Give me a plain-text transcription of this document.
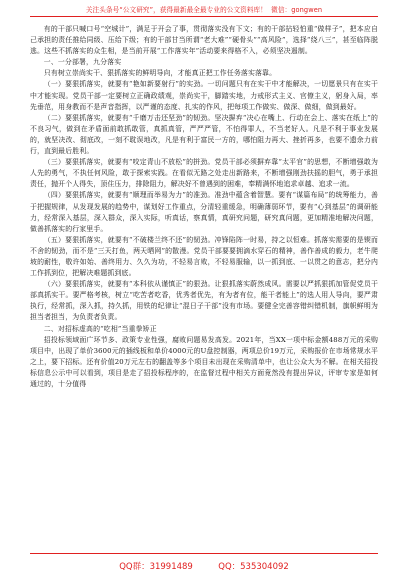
关注头条号“公文研究”，获得最新最全最专业的公文资料库！ 微信：gongwen

有的干部只喊口号“空城计”，满足于开会了事，贯彻落实没有下文；有的干部拈轻怕重“做样子”，把本应自己承担的责任推给同级、压给下级；有的干部甘当所谓“老大难”“硬骨头”“高风险”，选择“绕八三”，甚至临阵脱逃。这些不抓落实的众生相，是当前开展“工作落实年”活动要来得格不入，必须坚决遏制。

一、一分部署，九分落实

只有树立崇尚实干、狠抓落实的鲜明导向，才能真正把工作任务落实落靠。

（一）要狠抓落实，就要有“艳如新要射行”的实劲。一切问题只有在实干中才能解决，一切愿景只有在实干中才能实现。党员干部一定要树立正确政绩观，崇尚实干，脚踏实地，力戒形式主义、官僚主义，躬身入局，率先垂范，用身教而不是声音指挥，以严谨的态度、扎实的作风，把每项工作做实、做深、做细，做到最好。

（二）要狠抓落实，就要有“千磨万击还坚劲”的韧劲。坚决摒弃“决心在嘴上、行动在会上、落实在纸上”的不良习气，做到在矛盾面前敢抓敢管，真抓真管，严严严管，不怕得罪人，不当老好人。凡是不利于事业发展的，就坚决改、彻底改，一刻不耽误地改，凡是有利于富民一方的，哪怕阻力再大、挫折再多，也要不遗余力前行，直到最后胜利。

（三）要狠抓落实，就要有“咬定青山不放松”的拼劲。党员干部必须摒弃靠“太平官”的思想，不断增强敢为人先的勇气，不执任何风险，敢于探索实践。在看似无路之处走出新路来，不断增强刚劲扶摇的胆气，勇于承担责任，抛开个人得失，顶住压力，排除阻力，解决好不曾遇到的困难，奉精满怀地追求卓越、追求一流。

（四）要狠抓落实，就要有“顺理而举易为力”的准劲。准劲中蕴含着智慧。要有“谋篇布局”的统筹能力，善于把握规律，从发现发展的趋势中，谋划好工作重点，分清轻重缓急，明确薄弱环节，要有“心到基层”的调研能力，经常深入基层，深入群众，深入实际，听真话，察真情，真研究问题，研究真问题，更加精准地解决问题，做善抓落实的行家里手。

（五）要狠抓落实，就要有“不破楼兰终不还”的韧劲。冲锋陷阵一时易，持之以恒难。抓落实需要的是锲而不舍的韧劲，而不是“三天打鱼，两天晒网”的散漫。党员干部要要拥滴水穿石的精神，善作善成的毅力，老牛爬坡的耐性，敬许如始、善终用力、久久为功，不轻易言败，不轻易服输，以一抓到底、一以贯之的意志，把分内工作抓到位，把解决难题抓到底。

（六）要狠抓落实，就要有“本科依从谨慎正”的狠劲。让狠抓落实蔚然成风。需要以严抓狠抓加管促党员干部真抓实干。要严格考核，树立“吃苦者吃香，优秀者优先，有为者有位，能干者能上”的选人用人导向，要严肃执行，经常抓，深入抓，持久抓，用铁的纪律让“混日子干部”没有市场。要健全完善容错纠错机制，旗帜鲜明为担当者担当，为负责者负责。

二、对招标虚高的“吃相”当重拳矫正

招投标领域面广环节多、政策专业性强，腐败问题易发高发。2021年，当XX一项中标金额488万元的采购项目中，出现了单价3600元的插线板和单价4000元的U盘控制器，两项总价19万元，采购报价在市场常规水平之上，要下招标。还有价值20万元左右的翻盖等多个项目未出现在采购清单中，也让公众大为不解。在相关招投标信息公示中可以看到，项目是走了招投标程序的，在监督过程中相关方面竟然没有提出异议，评审专家是如何通过的，十分值得

QQ群：31991489	QQ：535304092
